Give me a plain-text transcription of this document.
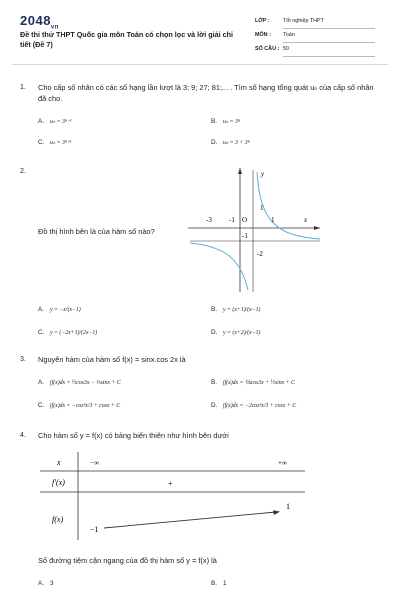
$2048_{vn}$
Đề thi thử THPT Quốc gia môn Toán có chọn lọc và lời giải chi tiết (Đề 7)
LỚP : Tốt nghiệp THPT
MÔN : Toán
SỐ CÂU : 50
1. Cho cấp số nhân có các số hạng lần lượt là 3; 9; 27; 81;... . Tìm số hạng tổng quát uₙ của cấp số nhân đã cho.
A. uₙ = 3ⁿ⁻¹	B. uₙ = 3ⁿ
C. uₙ = 3ⁿ⁺¹	D. uₙ = 3 + 3ⁿ
2.
Đồ thị hình bên là của hàm số nào?
-3 -1 O	1	x
y
1
-1
-2
A. y = −x/(x−1)	B. y = (x+1)/(x−1)
C. y = (−2x+1)/(2x−1)	D. y = (x+2)/(x−1)
3. Nguyên hàm của hàm số f(x) = sinx.cos 2x là
A. ∫f(x)dx = ½cos3x − ⅓sinx + C	B. ∫f(x)dx = ⅙cos3x + ½sinx + C
C. ∫f(x)dx = −cos³x/3 + cosx + C	D. ∫f(x)dx = −2cos³x/3 + cosx + C
4. Cho hàm số y = f(x) có bảng biến thiên như hình bên dưới
x	−∞	+∞
f′(x)	+
f(x)
−1
1
Số đường tiệm cận ngang của đồ thị hàm số y = f(x) là
A. 3	B. 1
